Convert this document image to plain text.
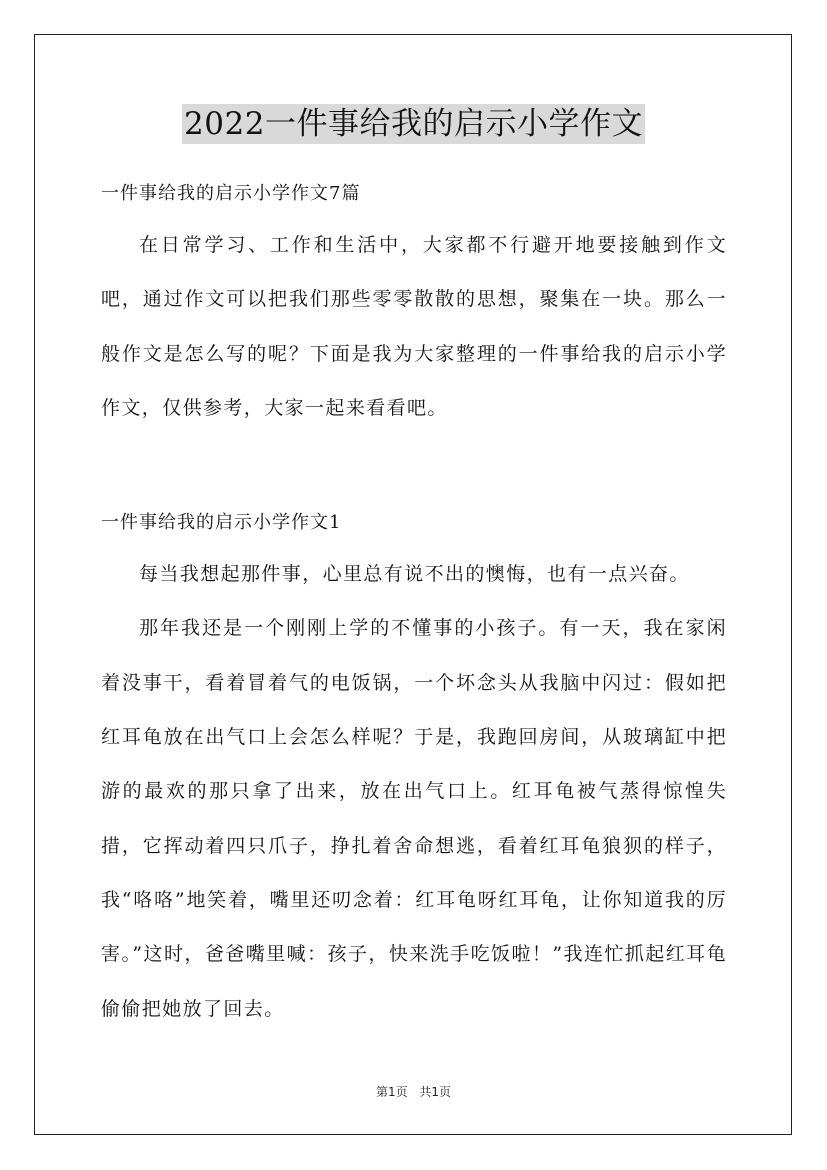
2022一件事给我的启示小学作文

一件事给我的启示小学作文7篇

在日常学习、工作和生活中，大家都不行避开地要接触到作文吧，通过作文可以把我们那些零零散散的思想，聚集在一块。那么一般作文是怎么写的呢？下面是我为大家整理的一件事给我的启示小学作文，仅供参考，大家一起来看看吧。

一件事给我的启示小学作文1

每当我想起那件事，心里总有说不出的懊悔，也有一点兴奋。

那年我还是一个刚刚上学的不懂事的小孩子。有一天，我在家闲着没事干，看着冒着气的电饭锅，一个坏念头从我脑中闪过：假如把红耳龟放在出气口上会怎么样呢？于是，我跑回房间，从玻璃缸中把游的最欢的那只拿了出来，放在出气口上。红耳龟被气蒸得惊惶失措，它挥动着四只爪子，挣扎着舍命想逃，看着红耳龟狼狈的样子，我“咯咯”地笑着，嘴里还叨念着：红耳龟呀红耳龟，让你知道我的厉害。”这时，爸爸嘴里喊：孩子，快来洗手吃饭啦！”我连忙抓起红耳龟偷偷把她放了回去。

第1页 共1页
